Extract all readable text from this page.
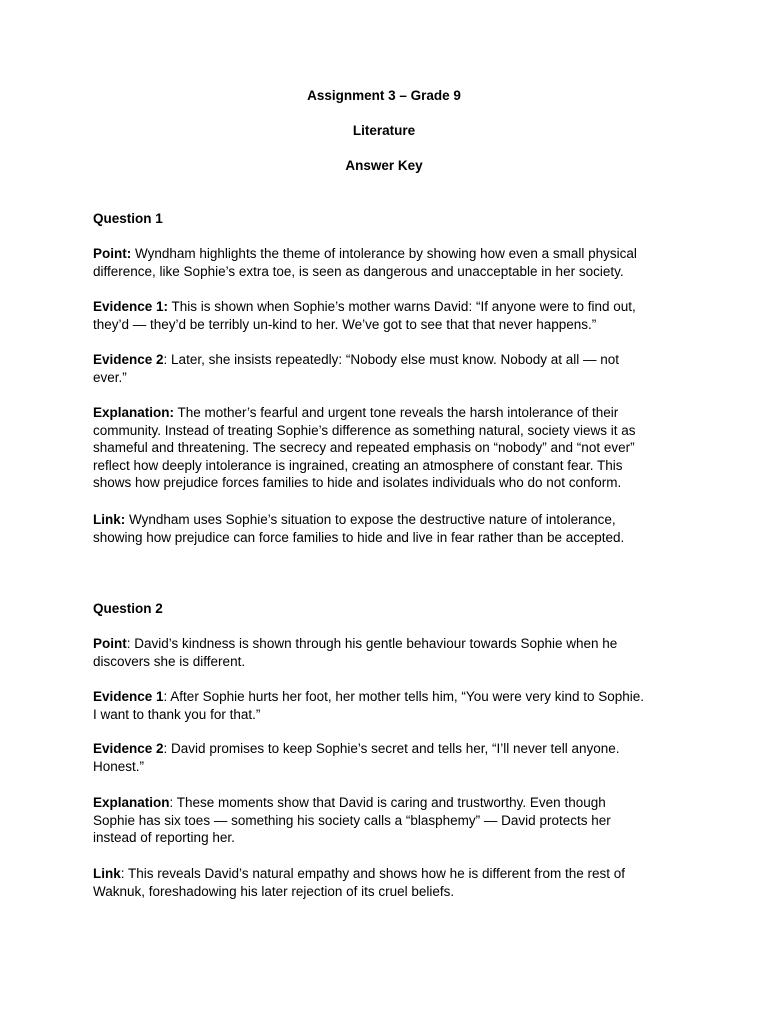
Assignment 3 – Grade 9
Literature
Answer Key
Question 1

Point: Wyndham highlights the theme of intolerance by showing how even a small physical
difference, like Sophie’s extra toe, is seen as dangerous and unacceptable in her society.

Evidence 1: This is shown when Sophie’s mother warns David: “If anyone were to find out,
they’d — they’d be terribly un-kind to her. We’ve got to see that that never happens.”

Evidence 2: Later, she insists repeatedly: “Nobody else must know. Nobody at all — not
ever.”

Explanation: The mother’s fearful and urgent tone reveals the harsh intolerance of their
community. Instead of treating Sophie’s difference as something natural, society views it as
shameful and threatening. The secrecy and repeated emphasis on “nobody” and “not ever”
reflect how deeply intolerance is ingrained, creating an atmosphere of constant fear. This
shows how prejudice forces families to hide and isolates individuals who do not conform.

Link: Wyndham uses Sophie’s situation to expose the destructive nature of intolerance,
showing how prejudice can force families to hide and live in fear rather than be accepted.

Question 2

Point: David’s kindness is shown through his gentle behaviour towards Sophie when he
discovers she is different.

Evidence 1: After Sophie hurts her foot, her mother tells him, “You were very kind to Sophie.
I want to thank you for that.”

Evidence 2: David promises to keep Sophie’s secret and tells her, “I’ll never tell anyone.
Honest.”

Explanation: These moments show that David is caring and trustworthy. Even though
Sophie has six toes — something his society calls a “blasphemy” — David protects her
instead of reporting her.

Link: This reveals David’s natural empathy and shows how he is different from the rest of
Waknuk, foreshadowing his later rejection of its cruel beliefs.
